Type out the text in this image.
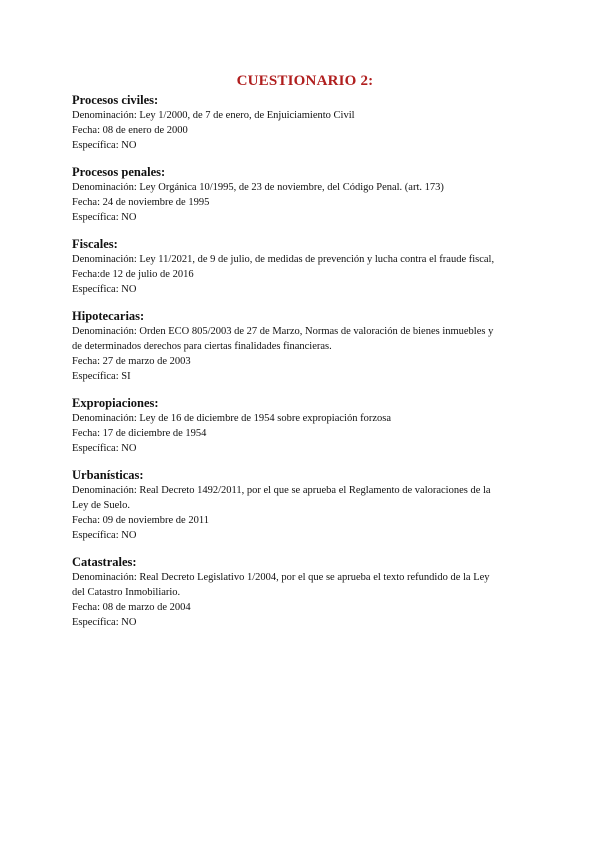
CUESTIONARIO 2:
Procesos civiles:
Denominación: Ley 1/2000, de 7 de enero, de Enjuiciamiento Civil
Fecha: 08 de enero de 2000
Específica: NO
Procesos penales:
Denominación: Ley Orgánica 10/1995, de 23 de noviembre, del Código Penal. (art. 173)
Fecha: 24 de noviembre de 1995
Específica: NO
Fiscales:
Denominación: Ley 11/2021, de 9 de julio, de medidas de prevención y lucha contra el fraude fiscal,
Fecha:de 12 de julio de 2016
Específica: NO
Hipotecarias:
Denominación: Orden ECO 805/2003 de 27 de Marzo, Normas de valoración de bienes inmuebles y
de determinados derechos para ciertas finalidades financieras.
Fecha: 27 de marzo de 2003
Específica: SI
Expropiaciones:
Denominación: Ley de 16 de diciembre de 1954 sobre expropiación forzosa
Fecha: 17 de diciembre de 1954
Específica: NO
Urbanísticas:
Denominación: Real Decreto 1492/2011, por el que se aprueba el Reglamento de valoraciones de la
Ley de Suelo.
Fecha: 09 de noviembre de 2011
Específica: NO
Catastrales:
Denominación: Real Decreto Legislativo 1/2004, por el que se aprueba el texto refundido de la Ley
del Catastro Inmobiliario.
Fecha: 08 de marzo de 2004
Específica: NO
